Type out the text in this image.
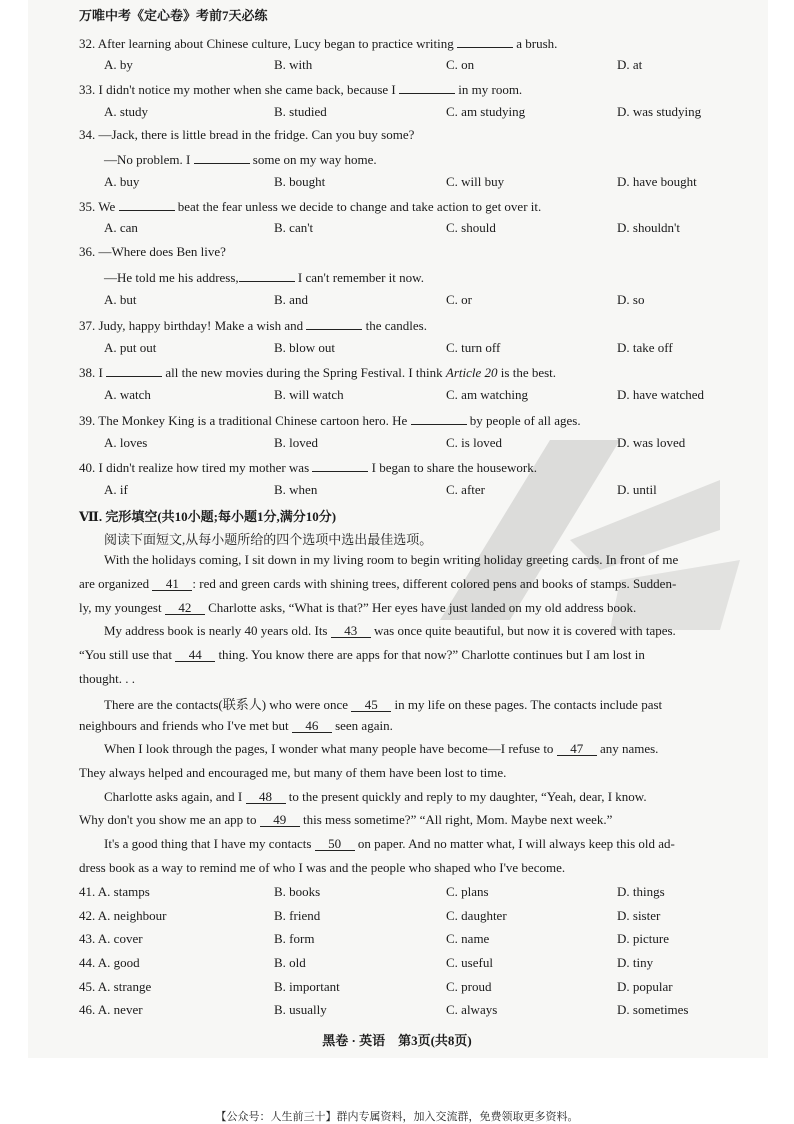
万唯中考《定心卷》考前7天必练
32. After learning about Chinese culture, Lucy began to practice writing	a brush.
A. by	B. with	C. on	D. at
33. I didn't notice my mother when she came back, because I	in my room.
A. study	B. studied	C. am studying	D. was studying
34. —Jack, there is little bread in the fridge. Can you buy some?
—No problem. I	some on my way home.
A. buy	B. bought	C. will buy	D. have bought
35. We	beat the fear unless we decide to change and take action to get over it.
A. can	B. can't	C. should	D. shouldn't
36. —Where does Ben live?
—He told me his address,	I can't remember it now.
A. but	B. and	C. or	D. so
37. Judy, happy birthday! Make a wish and	the candles.
A. put out	B. blow out	C. turn off	D. take off
38. I	all the new movies during the Spring Festival. I think Article 20 is the best.
A. watch	B. will watch	C. am watching	D. have watched
39. The Monkey King is a traditional Chinese cartoon hero. He	by people of all ages.
A. loves	B. loved	C. is loved	D. was loved
40. I didn't realize how tired my mother was	I began to share the housework.
A. if	B. when	C. after	D. until
Ⅶ. 完形填空(共10小题;每小题1分,满分10分)
阅读下面短文,从每小题所给的四个选项中选出最佳选项。
With the holidays coming, I sit down in my living room to begin writing holiday greeting cards. In front of me
are organized 41 : red and green cards with shining trees, different colored pens and books of stamps. Sudden-
ly, my youngest 42 Charlotte asks, “What is that?” Her eyes have just landed on my old address book.
My address book is nearly 40 years old. Its 43 was once quite beautiful, but now it is covered with tapes.
“You still use that 44 thing. You know there are apps for that now?” Charlotte continues but I am lost in
thought. . .
There are the contacts(联系人) who were once 45 in my life on these pages. The contacts include past
neighbours and friends who I've met but 46 seen again.
When I look through the pages, I wonder what many people have become—I refuse to 47 any names.
They always helped and encouraged me, but many of them have been lost to time.
Charlotte asks again, and I 48 to the present quickly and reply to my daughter, “Yeah, dear, I know.
Why don't you show me an app to 49 this mess sometime?” “All right, Mom. Maybe next week.”
It's a good thing that I have my contacts 50 on paper. And no matter what, I will always keep this old ad-
dress book as a way to remind me of who I was and the people who shaped who I've become.
41. A. stamps	B. books	C. plans	D. things
42. A. neighbour	B. friend	C. daughter	D. sister
43. A. cover	B. form	C. name	D. picture
44. A. good	B. old	C. useful	D. tiny
45. A. strange	B. important	C. proud	D. popular
46. A. never	B. usually	C. always	D. sometimes
黑卷 · 英语　第3页(共8页)
【公众号：人生前三十】群内专属资料，加入交流群，免费领取更多资料。
